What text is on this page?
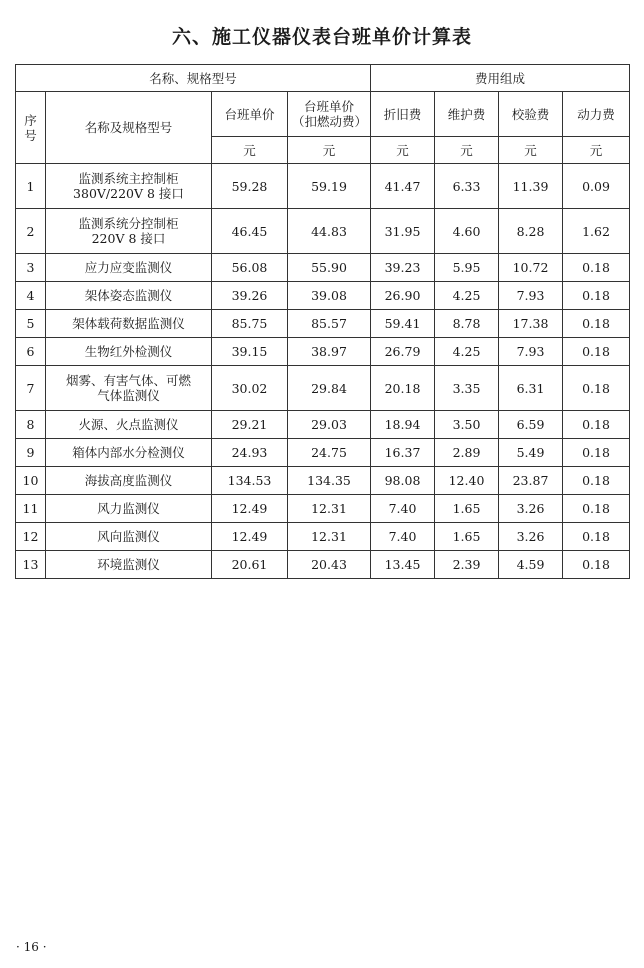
六、施工仪器仪表台班单价计算表
名称、规格型号				费用组成			

序
号	名称及规格型号	台班单价	台班单价
（扣燃动费）	折旧费	维护费	校验费	动力费
		元	元	元	元	元	元
1	监测系统主控制柜
380V/220V 8 接口	59.28	59.19	41.47	6.33	11.39	0.09
2	监测系统分控制柜
220V 8 接口	46.45	44.83	31.95	4.60	8.28	1.62
3	应力应变监测仪	56.08	55.90	39.23	5.95	10.72	0.18
4	架体姿态监测仪	39.26	39.08	26.90	4.25	7.93	0.18
5	架体载荷数据监测仪	85.75	85.57	59.41	8.78	17.38	0.18
6	生物红外检测仪	39.15	38.97	26.79	4.25	7.93	0.18
7	烟雾、有害气体、可燃
气体监测仪	30.02	29.84	20.18	3.35	6.31	0.18
8	火源、火点监测仪	29.21	29.03	18.94	3.50	6.59	0.18
9	箱体内部水分检测仪	24.93	24.75	16.37	2.89	5.49	0.18
10	海拔高度监测仪	134.53	134.35	98.08	12.40	23.87	0.18
11	风力监测仪	12.49	12.31	7.40	1.65	3.26	0.18
12	风向监测仪	12.49	12.31	7.40	1.65	3.26	0.18
13	环境监测仪	20.61	20.43	13.45	2.39	4.59	0.18
· 16 ·
